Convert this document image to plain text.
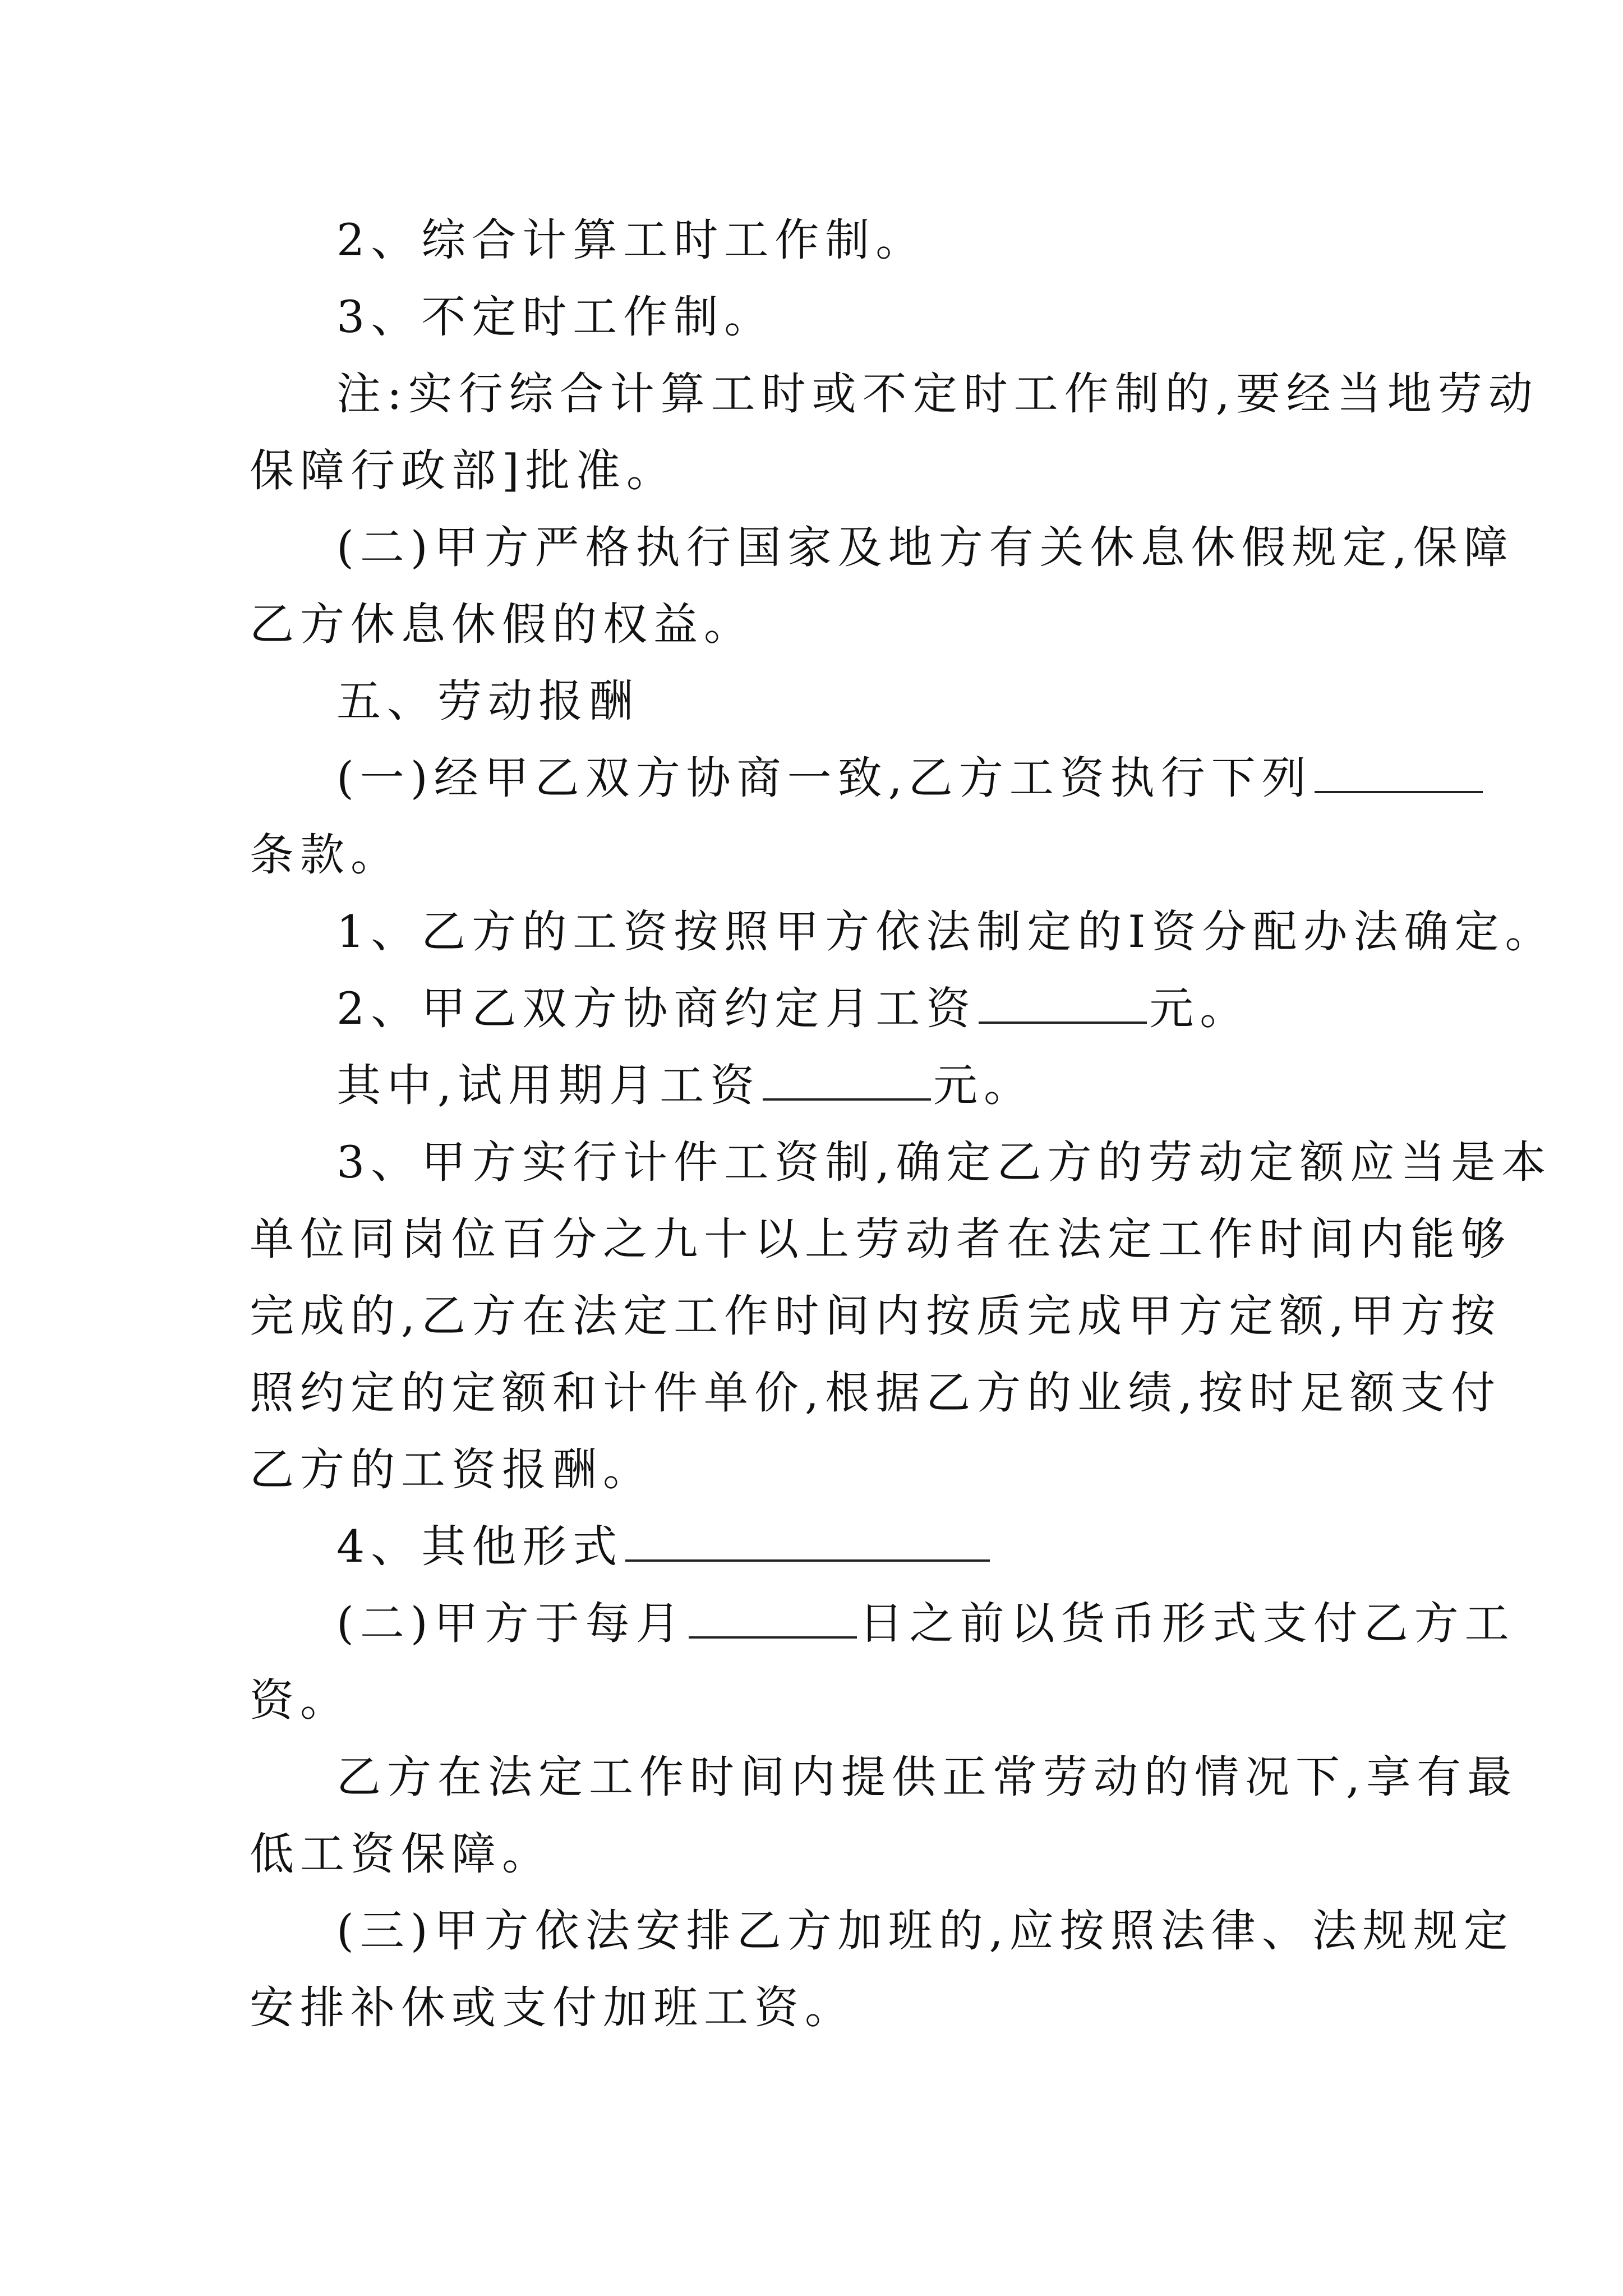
2、综合计算工时工作制。
3、不定时工作制。
注:实行综合计算工时或不定时工作制的,要经当地劳动
保障行政部]批准。
(二)甲方严格执行国家及地方有关休息休假规定,保障
乙方休息休假的权益。
五、劳动报酬
(一)经甲乙双方协商一致,乙方工资执行下列
条款。
1、乙方的工资按照甲方依法制定的I资分配办法确定。
2、甲乙双方协商约定月工资	元。
其中,试用期月工资	元。
3、甲方实行计件工资制,确定乙方的劳动定额应当是本
单位同岗位百分之九十以上劳动者在法定工作时间内能够
完成的,乙方在法定工作时间内按质完成甲方定额,甲方按
照约定的定额和计件单价,根据乙方的业绩,按时足额支付
乙方的工资报酬。
4、其他形式
(二)甲方于每月	日之前以货币形式支付乙方工
资。
乙方在法定工作时间内提供正常劳动的情况下,享有最
低工资保障。
(三)甲方依法安排乙方加班的,应按照法律、法规规定
安排补休或支付加班工资。
